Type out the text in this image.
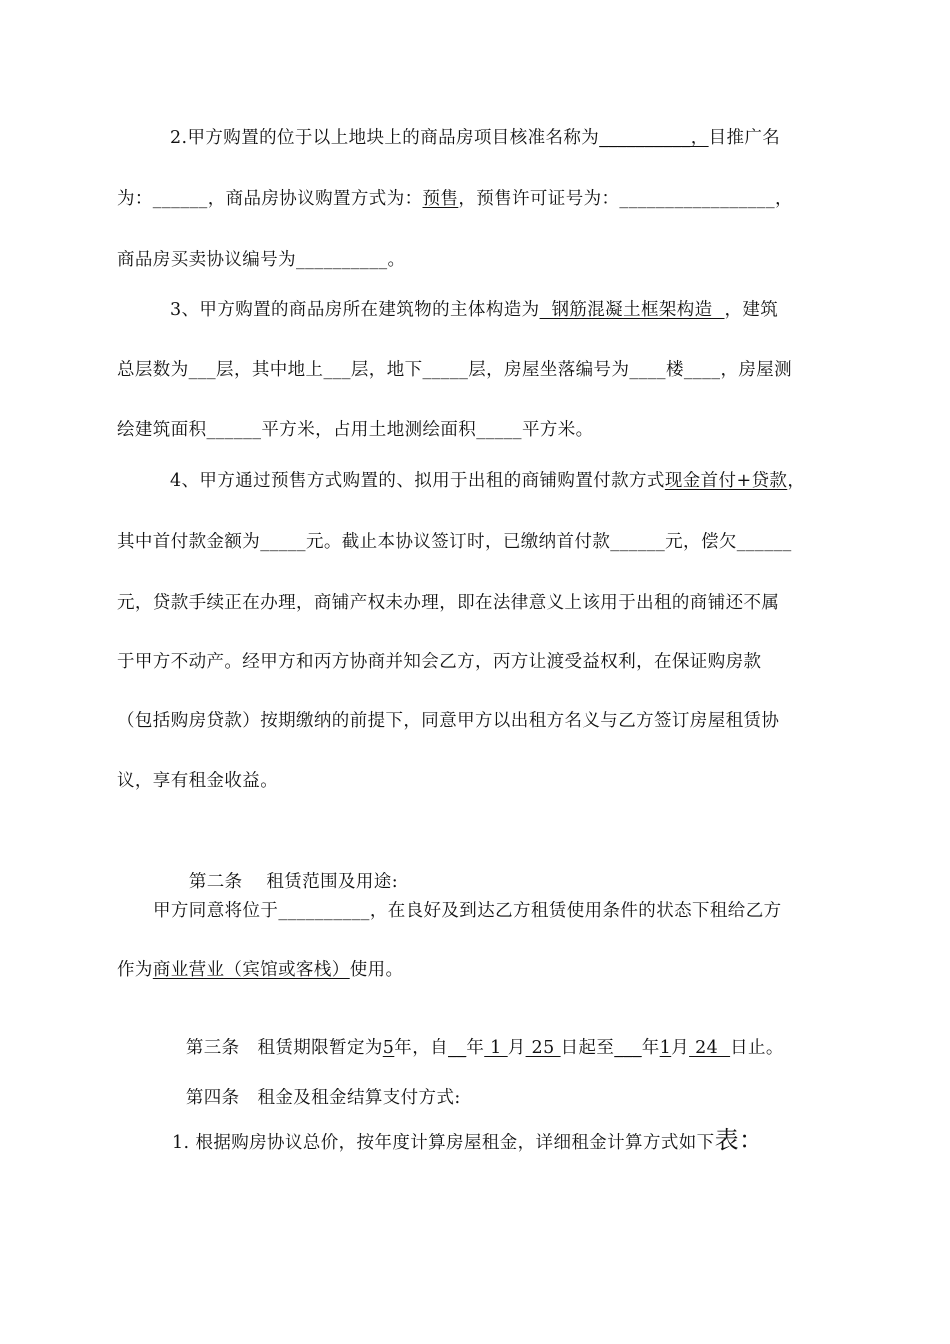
2.甲方购置的位于以上地块上的商品房项目核准名称为__________，目推广名
为：______，商品房协议购置方式为：预售，预售许可证号为：_________________，
商品房买卖协议编号为__________。
3、甲方购置的商品房所在建筑物的主体构造为  钢筋混凝土框架构造  ，建筑
总层数为___层，其中地上___层，地下_____层，房屋坐落编号为____楼____，房屋测
绘建筑面积______平方米，占用土地测绘面积_____平方米。
4、甲方通过预售方式购置的、拟用于出租的商铺购置付款方式现金首付+贷款，
其中首付款金额为_____元。截止本协议签订时，已缴纳首付款______元，偿欠______
元，贷款手续正在办理，商铺产权未办理，即在法律意义上该用于出租的商铺还不属
于甲方不动产。经甲方和丙方协商并知会乙方，丙方让渡受益权利，在保证购房款
（包括购房贷款）按期缴纳的前提下，同意甲方以出租方名义与乙方签订房屋租赁协
议，享有租金收益。

第二条    租赁范围及用途:

甲方同意将位于__________，在良好及到达乙方租赁使用条件的状态下租给乙方
作为商业营业（宾馆或客栈）使用。

第三条   租赁期限暂定为5年，自__年 1 月 25 日起至___年1月 24  日止。

第四条   租金及租金结算支付方式:

1. 根据购房协议总价，按年度计算房屋租金，详细租金计算方式如下表：
